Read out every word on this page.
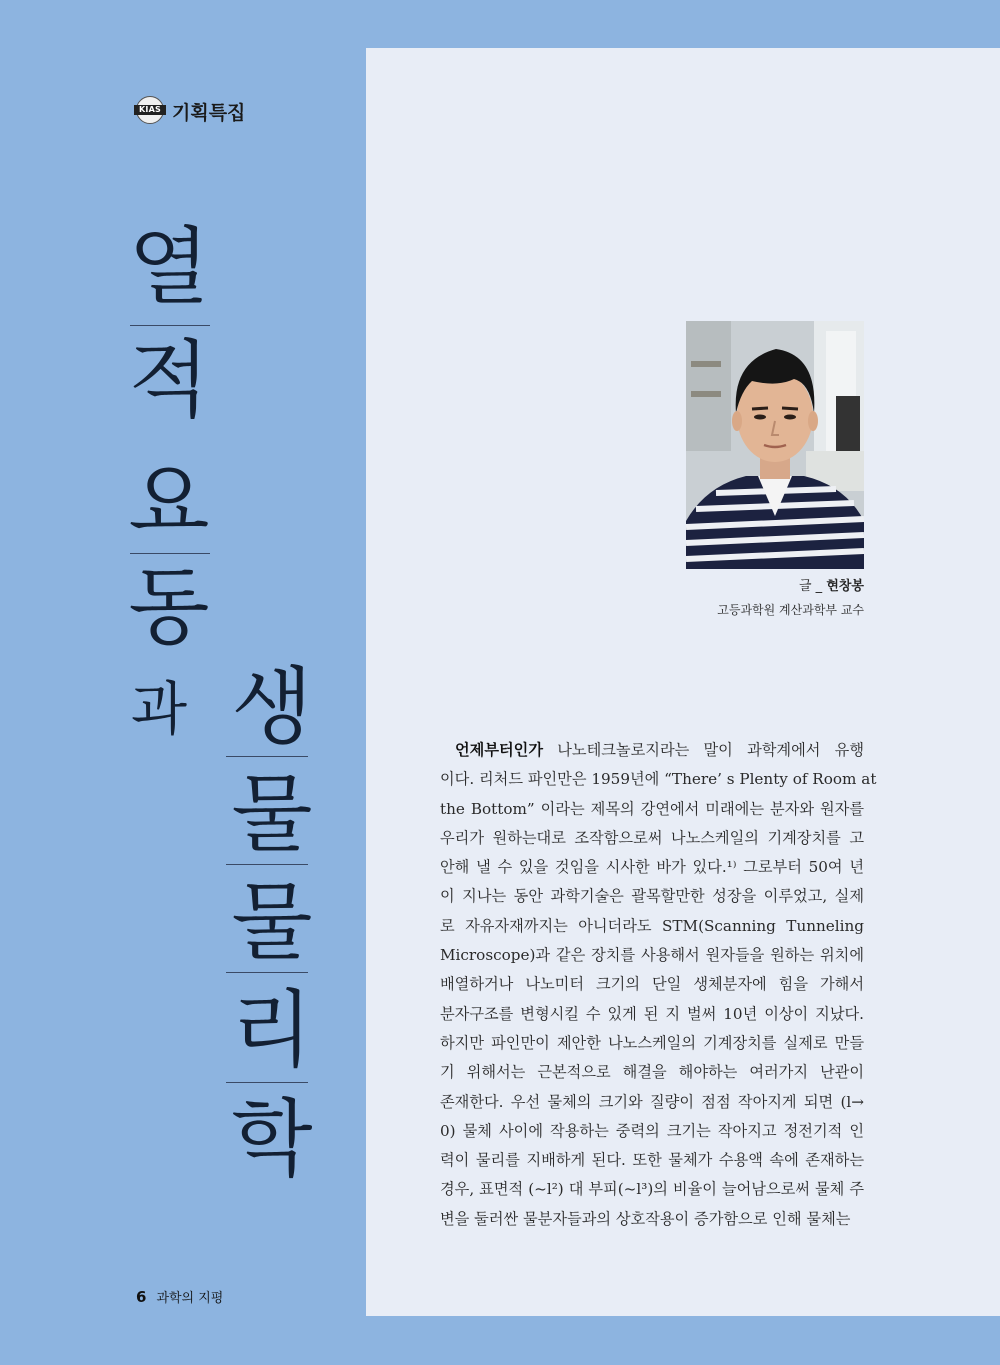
KIAS 기획특집
열
적
요
동
과 생
물
물
리
학
글 _ 현창봉
고등과학원 계산과학부 교수
언제부터인가 나노테크놀로지라는 말이 과학계에서 유행
이다. 리처드 파인만은 1959년에 “There’ s Plenty of Room at
the Bottom” 이라는 제목의 강연에서 미래에는 분자와 원자를
우리가 원하는대로 조작함으로써 나노스케일의 기계장치를 고
안해 낼 수 있을 것임을 시사한 바가 있다.¹⁾ 그로부터 50여 년
이 지나는 동안 과학기술은 괄목할만한 성장을 이루었고, 실제
로 자유자재까지는 아니더라도 STM(Scanning Tunneling
Microscope)과 같은 장치를 사용해서 원자들을 원하는 위치에
배열하거나 나노미터 크기의 단일 생체분자에 힘을 가해서
분자구조를 변형시킬 수 있게 된 지 벌써 10년 이상이 지났다.
하지만 파인만이 제안한 나노스케일의 기계장치를 실제로 만들
기 위해서는 근본적으로 해결을 해야하는 여러가지 난관이
존재한다. 우선 물체의 크기와 질량이 점점 작아지게 되면 (l→
0) 물체 사이에 작용하는 중력의 크기는 작아지고 정전기적 인
력이 물리를 지배하게 된다. 또한 물체가 수용액 속에 존재하는
경우, 표면적 (~l²) 대 부피(~l³)의 비율이 늘어남으로써 물체 주
변을 둘러싼 물분자들과의 상호작용이 증가함으로 인해 물체는
6 과학의 지평
